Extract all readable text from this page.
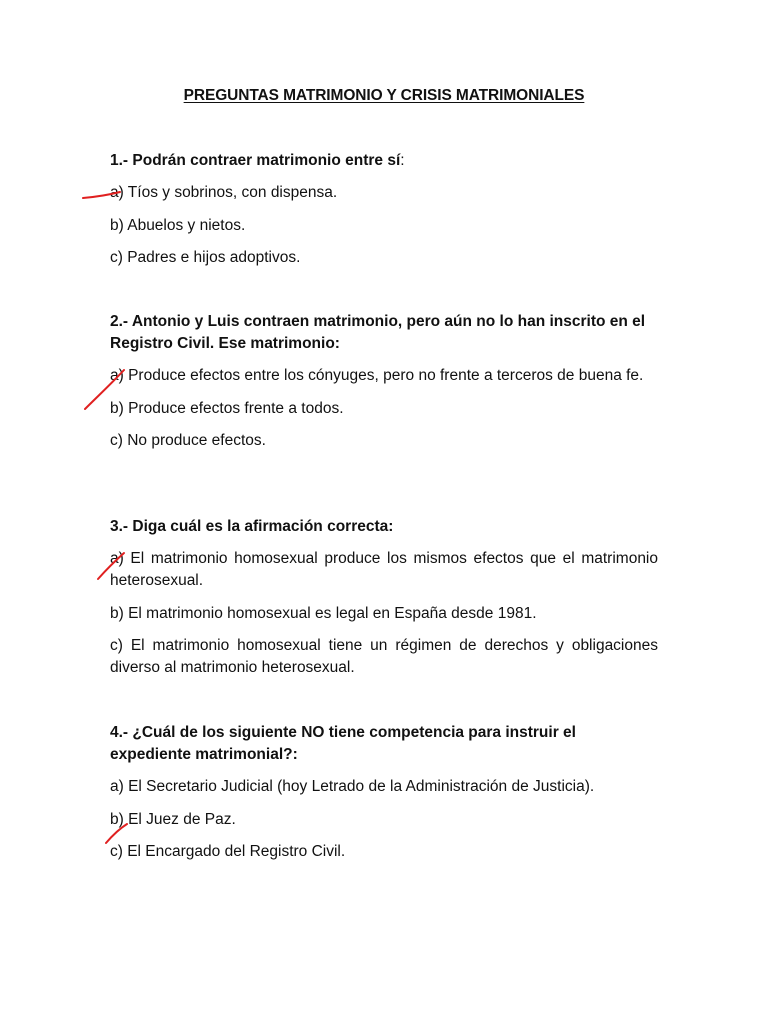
PREGUNTAS MATRIMONIO Y CRISIS MATRIMONIALES

1.- Podrán contraer matrimonio entre sí:

a) Tíos y sobrinos, con dispensa.

b) Abuelos y nietos.

c) Padres e hijos adoptivos.

2.- Antonio y Luis contraen matrimonio, pero aún no lo han inscrito en el Registro Civil. Ese matrimonio:

a) Produce efectos entre los cónyuges, pero no frente a terceros de buena fe.

b) Produce efectos frente a todos.

c) No produce efectos.

3.- Diga cuál es la afirmación correcta:

a) El matrimonio homosexual produce los mismos efectos que el matrimonio heterosexual.

b) El matrimonio homosexual es legal en España desde 1981.

c) El matrimonio homosexual tiene un régimen de derechos y obligaciones diverso al matrimonio heterosexual.

4.- ¿Cuál de los siguiente NO tiene competencia para instruir el expediente matrimonial?:

a) El Secretario Judicial (hoy Letrado de la Administración de Justicia).

b) El Juez de Paz.

c) El Encargado del Registro Civil.
